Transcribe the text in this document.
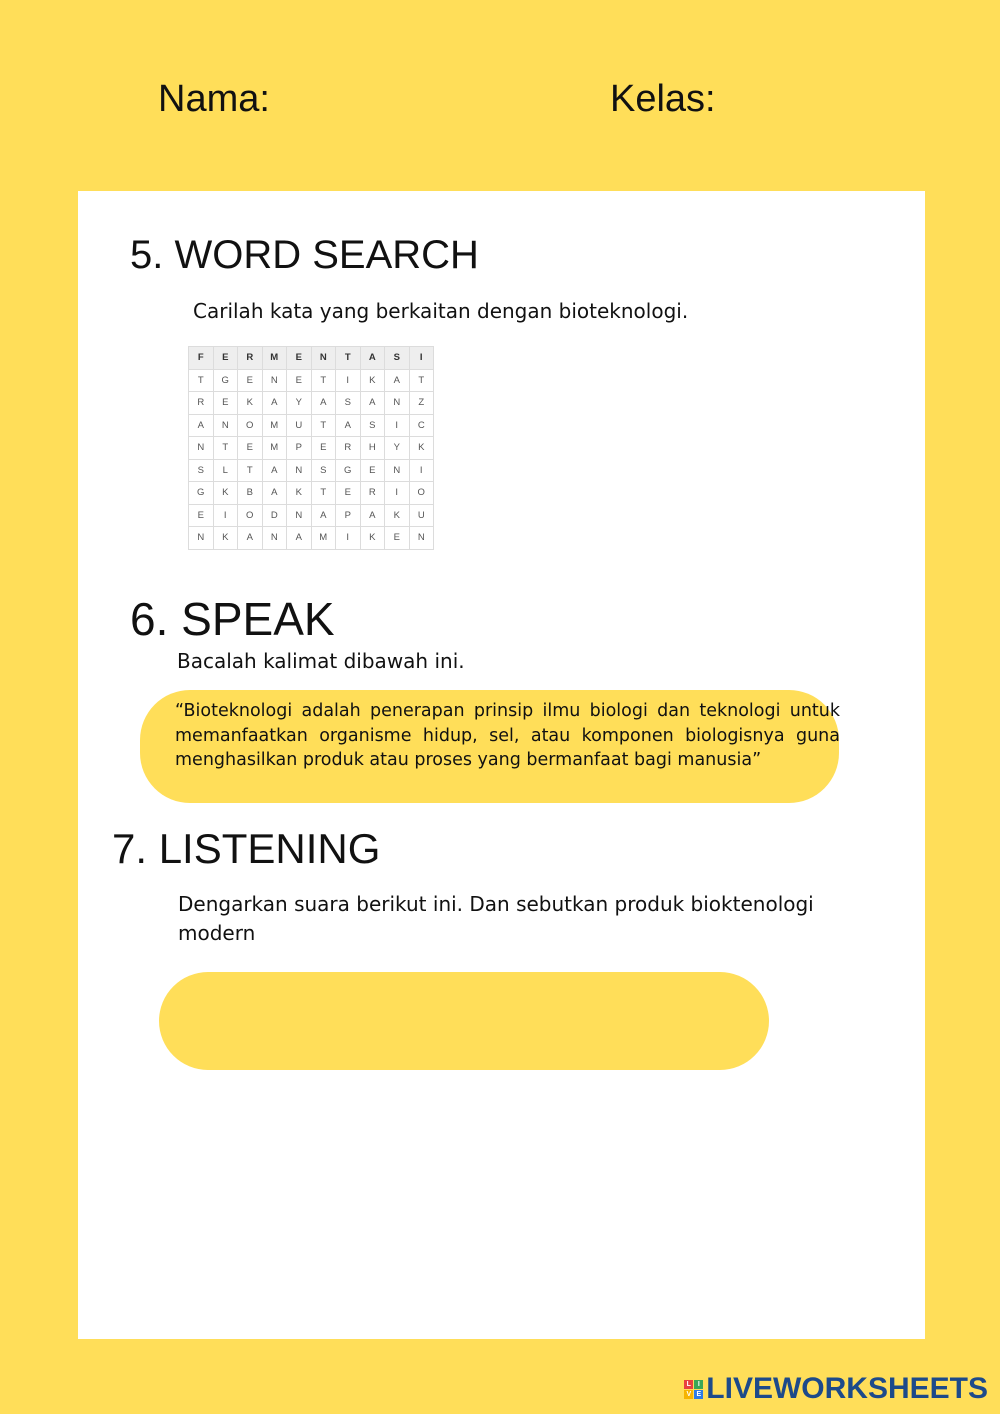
Nama:	Kelas:
5. WORD SEARCH
Carilah kata yang berkaitan dengan bioteknologi.
F	E	R	M	E	N	T	A	S	I
T	G	E	N	E	T	I	K	A	T
R	E	K	A	Y	A	S	A	N	Z
A	N	O	M	U	T	A	S	I	C
N	T	E	M	P	E	R	H	Y	K
S	L	T	A	N	S	G	E	N	I
G	K	B	A	K	T	E	R	I	O
E	I	O	D	N	A	P	A	K	U
N	K	A	N	A	M	I	K	E	N
6. SPEAK
Bacalah kalimat dibawah ini.
“Bioteknologi adalah penerapan prinsip ilmu biologi dan teknologi untuk memanfaatkan organisme hidup, sel, atau komponen biologisnya guna menghasilkan produk atau proses yang bermanfaat bagi manusia”
7. LISTENING
Dengarkan suara berikut ini. Dan sebutkan produk bioktenologi modern
L I
V E LIVEWORKSHEETS
